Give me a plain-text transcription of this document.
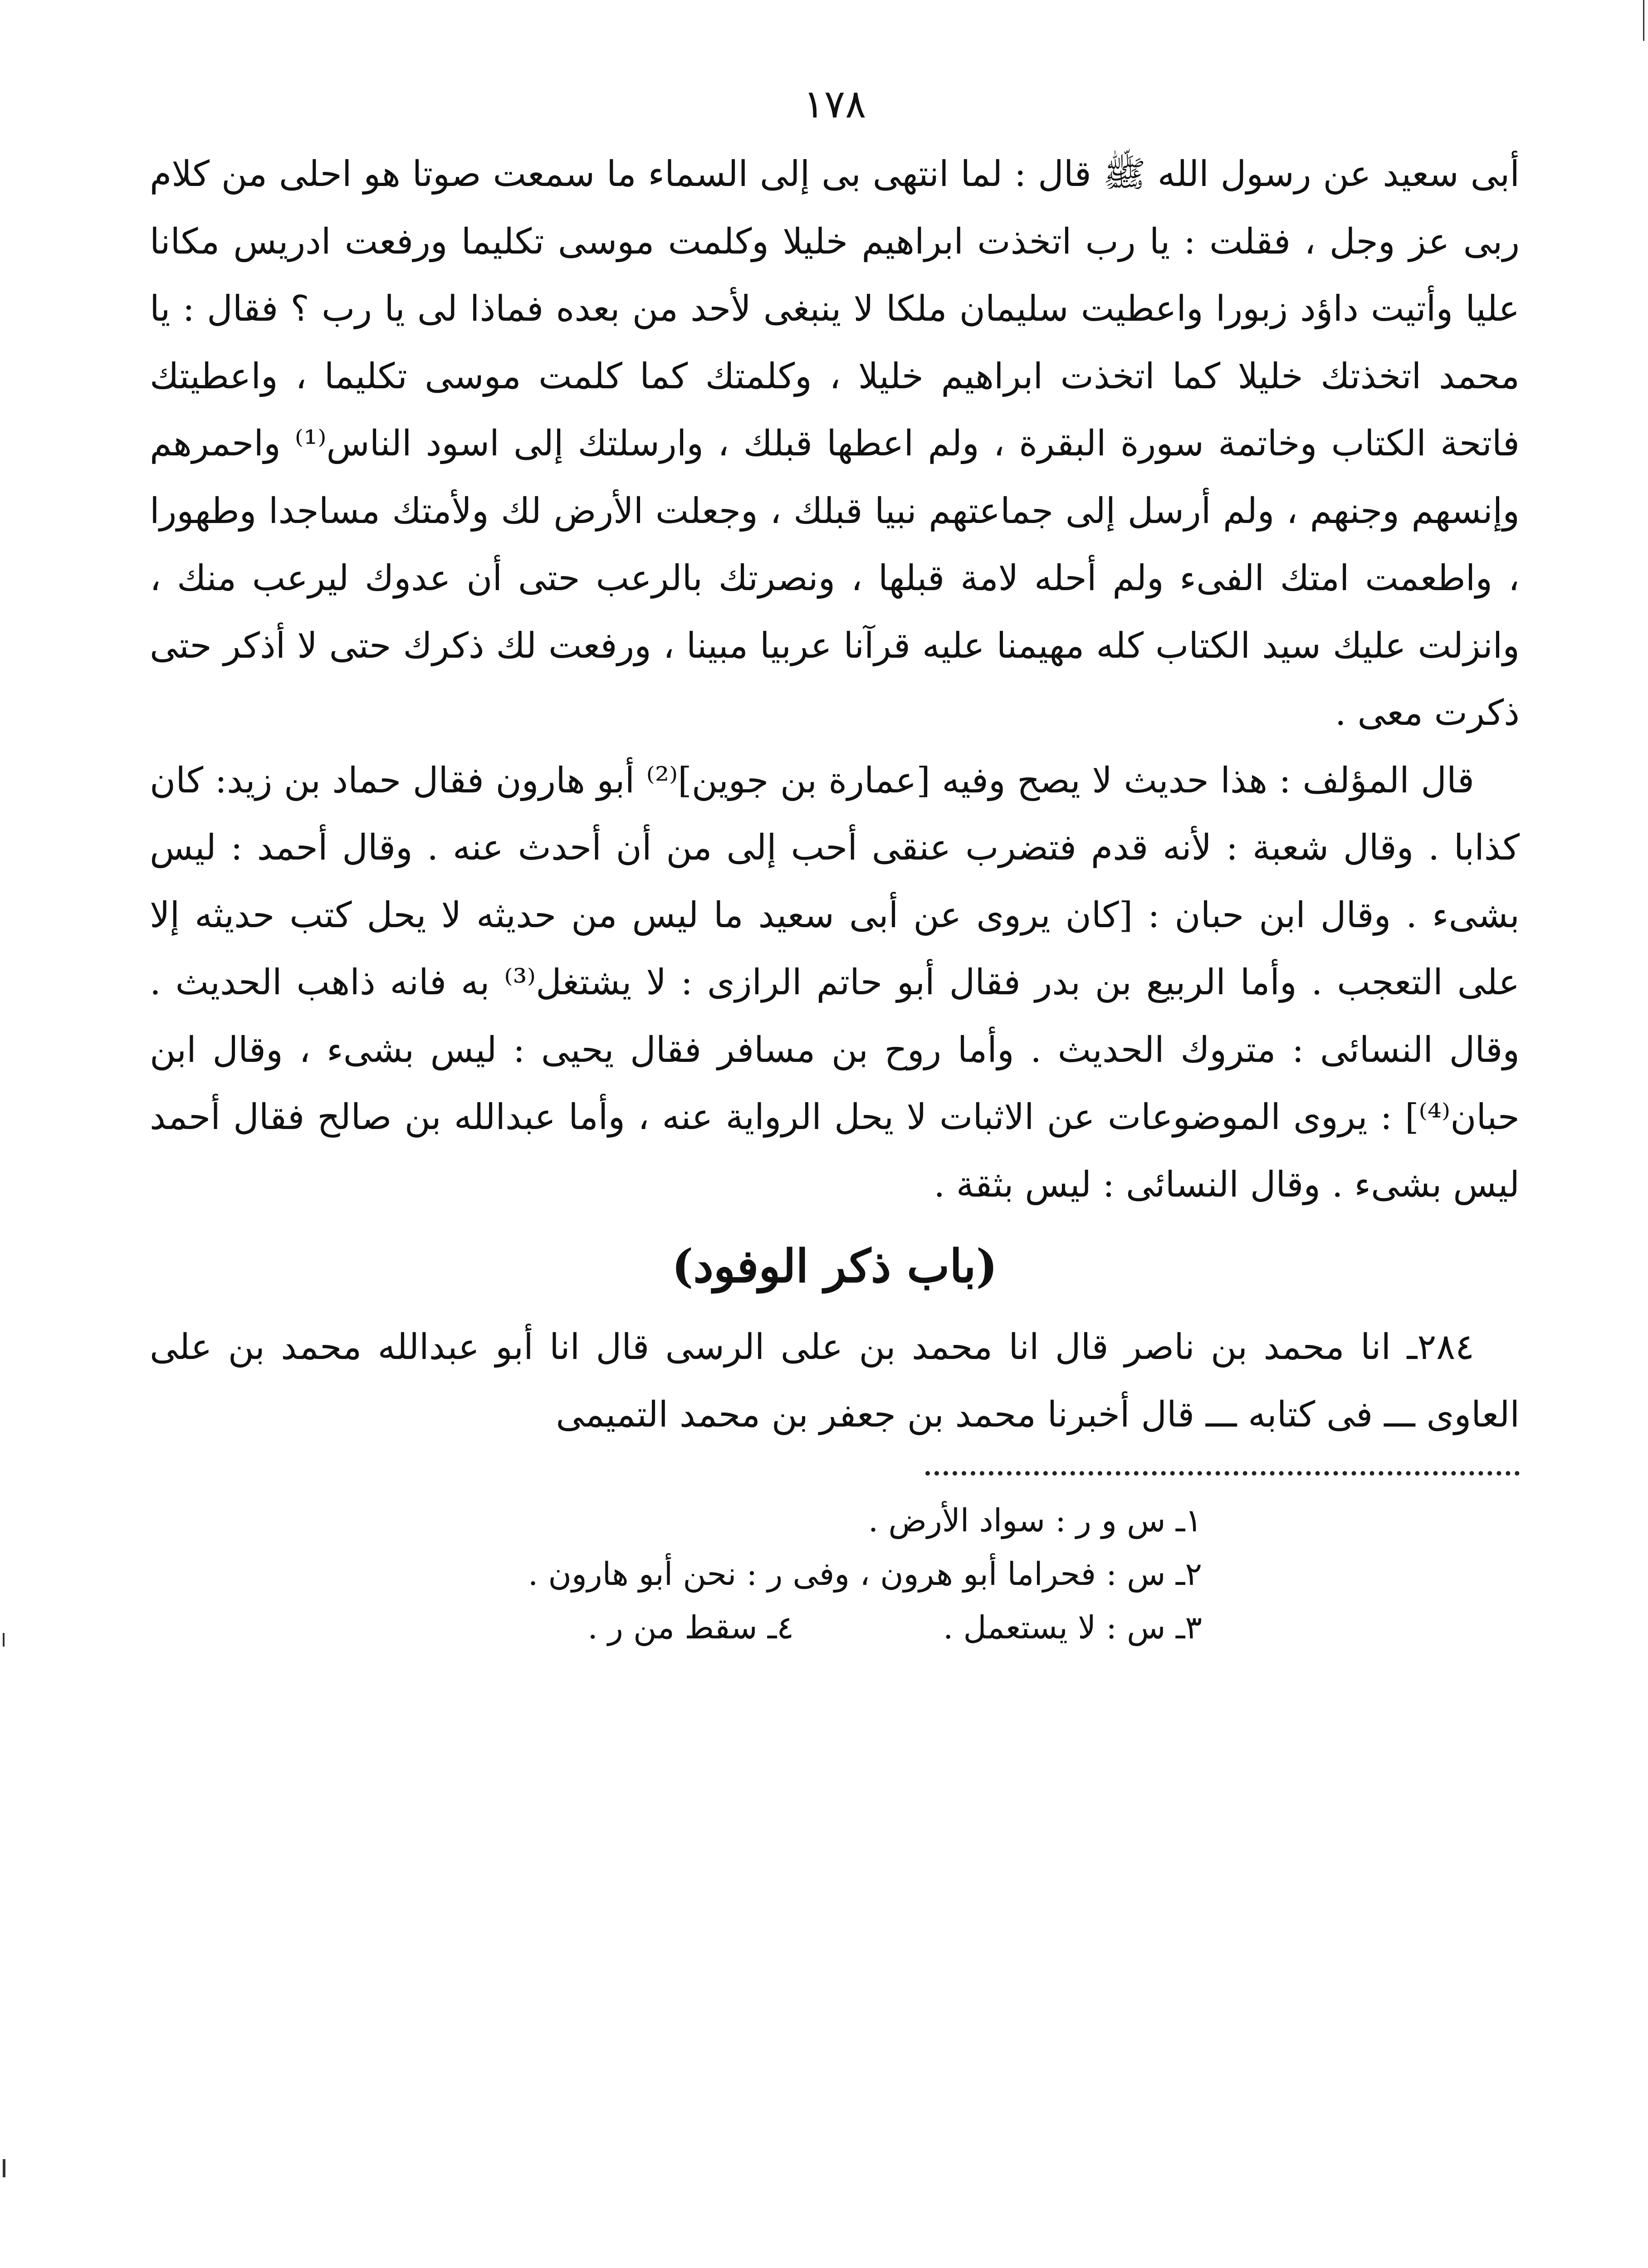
١٧٨

أبى سعيد عن رسول الله ﷺ قال : لما انتهى بى إلى السماء ما سمعت صوتا هو احلى من كلام ربى عز وجل ، فقلت : يا رب اتخذت ابراهيم خليلا وكلمت موسى تكليما ورفعت ادريس مكانا عليا وأتيت داؤد زبورا واعطيت سليمان ملكا لا ينبغى لأحد من بعده فماذا لى يا رب ؟ فقال : يا محمد اتخذتك خليلا كما اتخذت ابراهيم خليلا ، وكلمتك كما كلمت موسى تكليما ، واعطيتك فاتحة الكتاب وخاتمة سورة البقرة ، ولم اعطها قبلك ، وارسلتك إلى اسود الناس⁽¹⁾ واحمرهم وإنسهم وجنهم ، ولم أرسل إلى جماعتهم نبيا قبلك ، وجعلت الأرض لك ولأمتك مساجدا وطهورا ، واطعمت امتك الفىء ولم أحله لامة قبلها ، ونصرتك بالرعب حتى أن عدوك ليرعب منك ، وانزلت عليك سيد الكتاب كله مهيمنا عليه قرآنا عربيا مبينا ، ورفعت لك ذكرك حتى لا أذكر حتى ذكرت معى .

قال المؤلف : هذا حديث لا يصح وفيه [عمارة بن جوين]⁽²⁾ أبو هارون فقال حماد بن زيد: كان كذابا . وقال شعبة : لأنه قدم فتضرب عنقى أحب إلى من أن أحدث عنه . وقال أحمد : ليس بشىء . وقال ابن حبان : [كان يروى عن أبى سعيد ما ليس من حديثه لا يحل كتب حديثه إلا على التعجب . وأما الربيع بن بدر فقال أبو حاتم الرازى : لا يشتغل⁽³⁾ به فانه ذاهب الحديث . وقال النسائى : متروك الحديث . وأما روح بن مسافر فقال يحيى : ليس بشىء ، وقال ابن حبان⁽⁴⁾] : يروى الموضوعات عن الاثبات لا يحل الرواية عنه ، وأما عبدالله بن صالح فقال أحمد ليس بشىء . وقال النسائى : ليس بثقة .

(باب ذكر الوفود)

٢٨٤ـ انا محمد بن ناصر قال انا محمد بن على الرسى قال انا أبو عبدالله محمد بن على العاوى ـــ فى كتابه ـــ قال أخبرنا محمد بن جعفر بن محمد التميمى

١ـ س و ر : سواد الأرض .
٢ـ س : فحراما أبو هرون ، وفى ر : نحن أبو هارون .
٣ـ س : لا يستعمل .
٤ـ سقط من ر .
